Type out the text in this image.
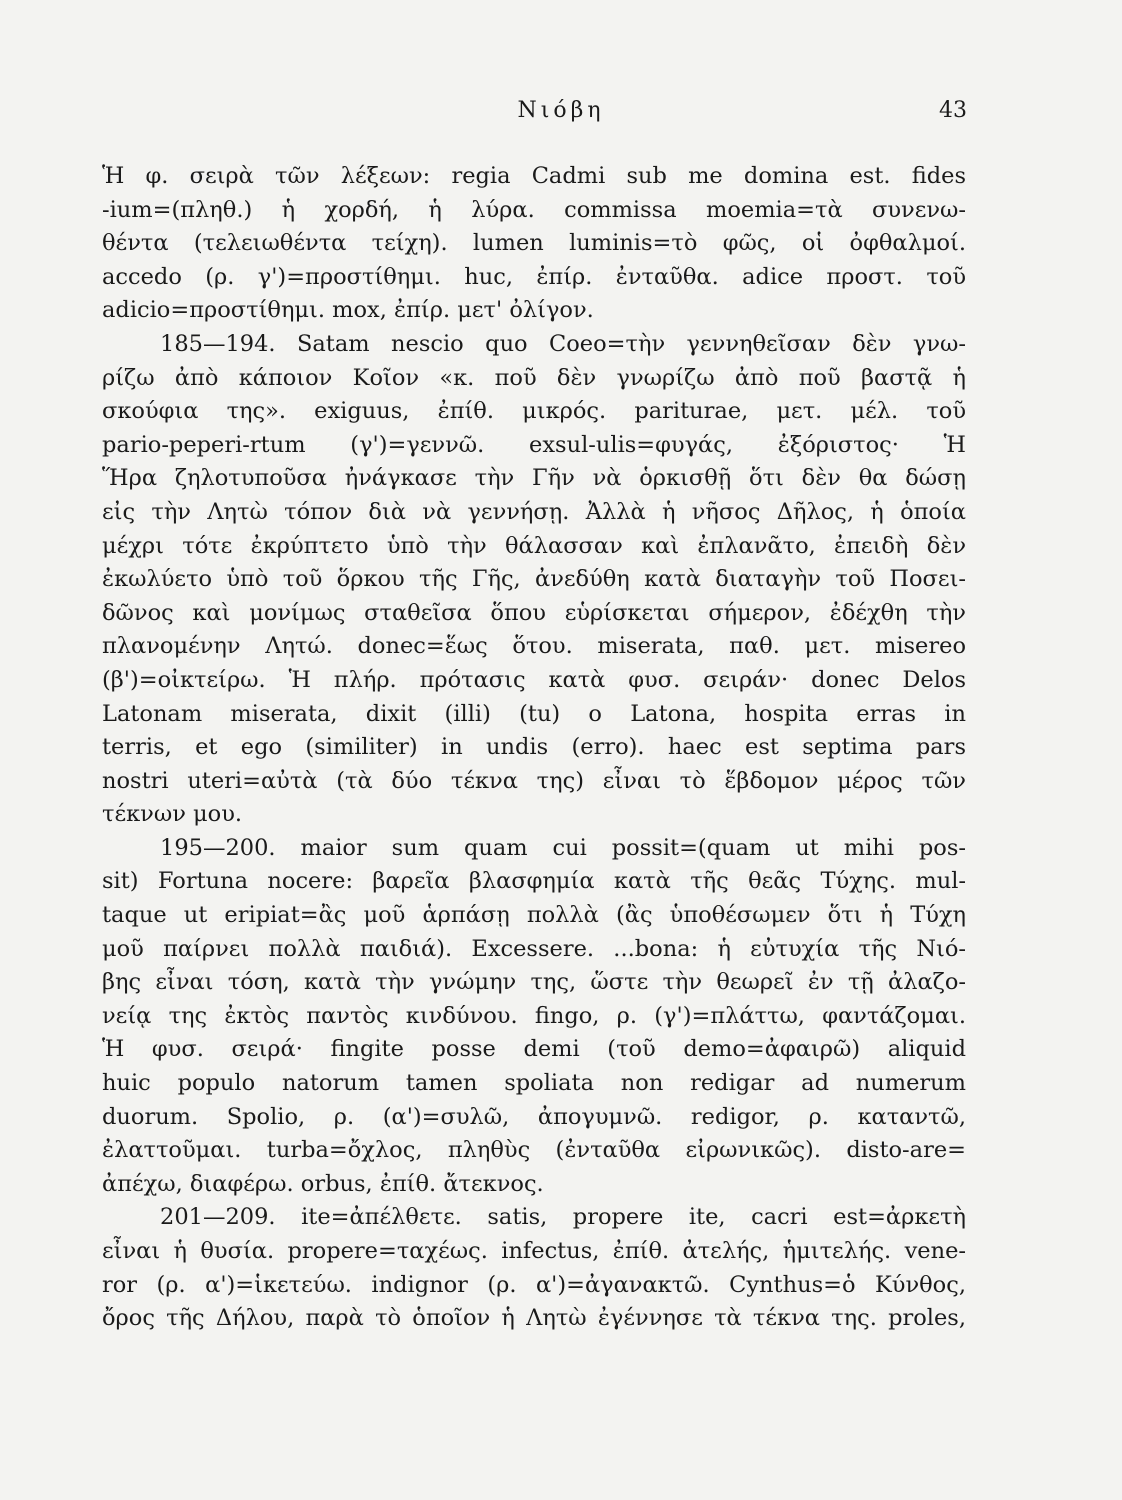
Νιόβη	43
Ἡ φ. σειρὰ τῶν λέξεων: regia Cadmi sub me domina est. fides
-ium=(πληθ.) ἡ χορδή, ἡ λύρα. commissa moemia=τὰ συνενω-
θέντα (τελειωθέντα τείχη). lumen luminis=τὸ φῶς, οἱ ὀφθαλμοί.
accedo (ρ. γ')=προστίθημι. huc, ἐπίρ. ἐνταῦθα. adice προστ. τοῦ
adicio=προστίθημι. mox, ἐπίρ. μετ' ὀλίγον.
185—194. Satam nescio quo Coeo=τὴν γεννηθεῖσαν δὲν γνω-
ρίζω ἀπὸ κάποιον Κοῖον «κ. ποῦ δὲν γνωρίζω ἀπὸ ποῦ βαστᾷ ἡ
σκούφια της». exiguus, ἐπίθ. μικρός. pariturae, μετ. μέλ. τοῦ
pario-peperi-rtum (γ')=γεννῶ. exsul-ulis=φυγάς, ἐξόριστος· Ἡ
Ἥρα ζηλοτυποῦσα ἠνάγκασε τὴν Γῆν νὰ ὁρκισθῇ ὅτι δὲν θα δώσῃ
εἰς τὴν Λητὼ τόπον διὰ νὰ γεννήσῃ. Ἀλλὰ ἡ νῆσος Δῆλος, ἡ ὁποία
μέχρι τότε ἐκρύπτετο ὑπὸ τὴν θάλασσαν καὶ ἐπλανᾶτο, ἐπειδὴ δὲν
ἐκωλύετο ὑπὸ τοῦ ὅρκου τῆς Γῆς, ἀνεδύθη κατὰ διαταγὴν τοῦ Ποσει-
δῶνος καὶ μονίμως σταθεῖσα ὅπου εὑρίσκεται σήμερον, ἐδέχθη τὴν
πλανομένην Λητώ. donec=ἕως ὅτου. miserata, παθ. μετ. misereo
(β')=οἰκτείρω. Ἡ πλήρ. πρότασις κατὰ φυσ. σειράν· donec Delos
Latonam miserata, dixit (illi) (tu) o Latona, hospita erras in
terris, et ego (similiter) in undis (erro). haec est septima pars
nostri uteri=αὐτὰ (τὰ δύο τέκνα της) εἶναι τὸ ἕβδομον μέρος τῶν
τέκνων μου.
195—200. maior sum quam cui possit=(quam ut mihi pos-
sit) Fortuna nocere: βαρεῖα βλασφημία κατὰ τῆς θεᾶς Τύχης. mul-
taque ut eripiat=ἂς μοῦ ἁρπάσῃ πολλὰ (ἂς ὑποθέσωμεν ὅτι ἡ Τύχη
μοῦ παίρνει πολλὰ παιδιά). Excessere. ...bona: ἡ εὐτυχία τῆς Νιό-
βης εἶναι τόση, κατὰ τὴν γνώμην της, ὥστε τὴν θεωρεῖ ἐν τῇ ἀλαζο-
νείᾳ της ἐκτὸς παντὸς κινδύνου. fingo, ρ. (γ')=πλάττω, φαντάζομαι.
Ἡ φυσ. σειρά· fingite posse demi (τοῦ demo=ἀφαιρῶ) aliquid
huic populo natorum tamen spoliata non redigar ad numerum
duorum. Spolio, ρ. (α')=συλῶ, ἀπογυμνῶ. redigor, ρ. καταντῶ,
ἐλαττοῦμαι. turba=ὄχλος, πληθὺς (ἐνταῦθα εἰρωνικῶς). disto-are=
ἀπέχω, διαφέρω. orbus, ἐπίθ. ἄτεκνος.
201—209. ite=ἀπέλθετε. satis, propere ite, cacri est=ἀρκετὴ
εἶναι ἡ θυσία. propere=ταχέως. infectus, ἐπίθ. ἀτελής, ἡμιτελής. vene-
ror (ρ. α')=ἱκετεύω. indignor (ρ. α')=ἀγανακτῶ. Cynthus=ὁ Κύνθος,
ὄρος τῆς Δήλου, παρὰ τὸ ὁποῖον ἡ Λητὼ ἐγέννησε τὰ τέκνα της. proles,
